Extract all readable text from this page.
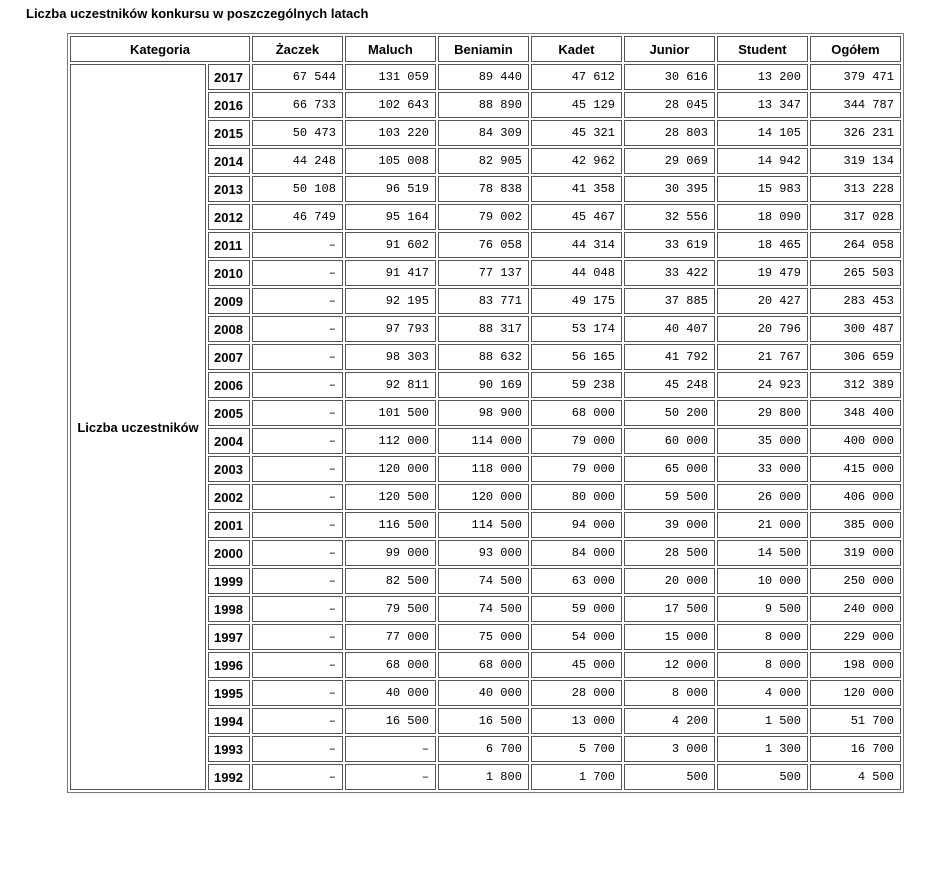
Liczba uczestników konkursu w poszczególnych latach
Kategoria		Żaczek	Maluch	Beniamin	Kadet	Junior	Student	Ogółem
Liczba uczestników	2017	67 544	131 059	89 440	47 612	30 616	13 200	379 471
	2016	66 733	102 643	88 890	45 129	28 045	13 347	344 787
	2015	50 473	103 220	84 309	45 321	28 803	14 105	326 231
	2014	44 248	105 008	82 905	42 962	29 069	14 942	319 134
	2013	50 108	96 519	78 838	41 358	30 395	15 983	313 228
	2012	46 749	95 164	79 002	45 467	32 556	18 090	317 028
	2011	–	91 602	76 058	44 314	33 619	18 465	264 058
	2010	–	91 417	77 137	44 048	33 422	19 479	265 503
	2009	–	92 195	83 771	49 175	37 885	20 427	283 453
	2008	–	97 793	88 317	53 174	40 407	20 796	300 487
	2007	–	98 303	88 632	56 165	41 792	21 767	306 659
	2006	–	92 811	90 169	59 238	45 248	24 923	312 389
	2005	–	101 500	98 900	68 000	50 200	29 800	348 400
	2004	–	112 000	114 000	79 000	60 000	35 000	400 000
	2003	–	120 000	118 000	79 000	65 000	33 000	415 000
	2002	–	120 500	120 000	80 000	59 500	26 000	406 000
	2001	–	116 500	114 500	94 000	39 000	21 000	385 000
	2000	–	99 000	93 000	84 000	28 500	14 500	319 000
	1999	–	82 500	74 500	63 000	20 000	10 000	250 000
	1998	–	79 500	74 500	59 000	17 500	9 500	240 000
	1997	–	77 000	75 000	54 000	15 000	8 000	229 000
	1996	–	68 000	68 000	45 000	12 000	8 000	198 000
	1995	–	40 000	40 000	28 000	8 000	4 000	120 000
	1994	–	16 500	16 500	13 000	4 200	1 500	51 700
	1993	–	–	6 700	5 700	3 000	1 300	16 700
	1992	–	–	1 800	1 700	500	500	4 500
